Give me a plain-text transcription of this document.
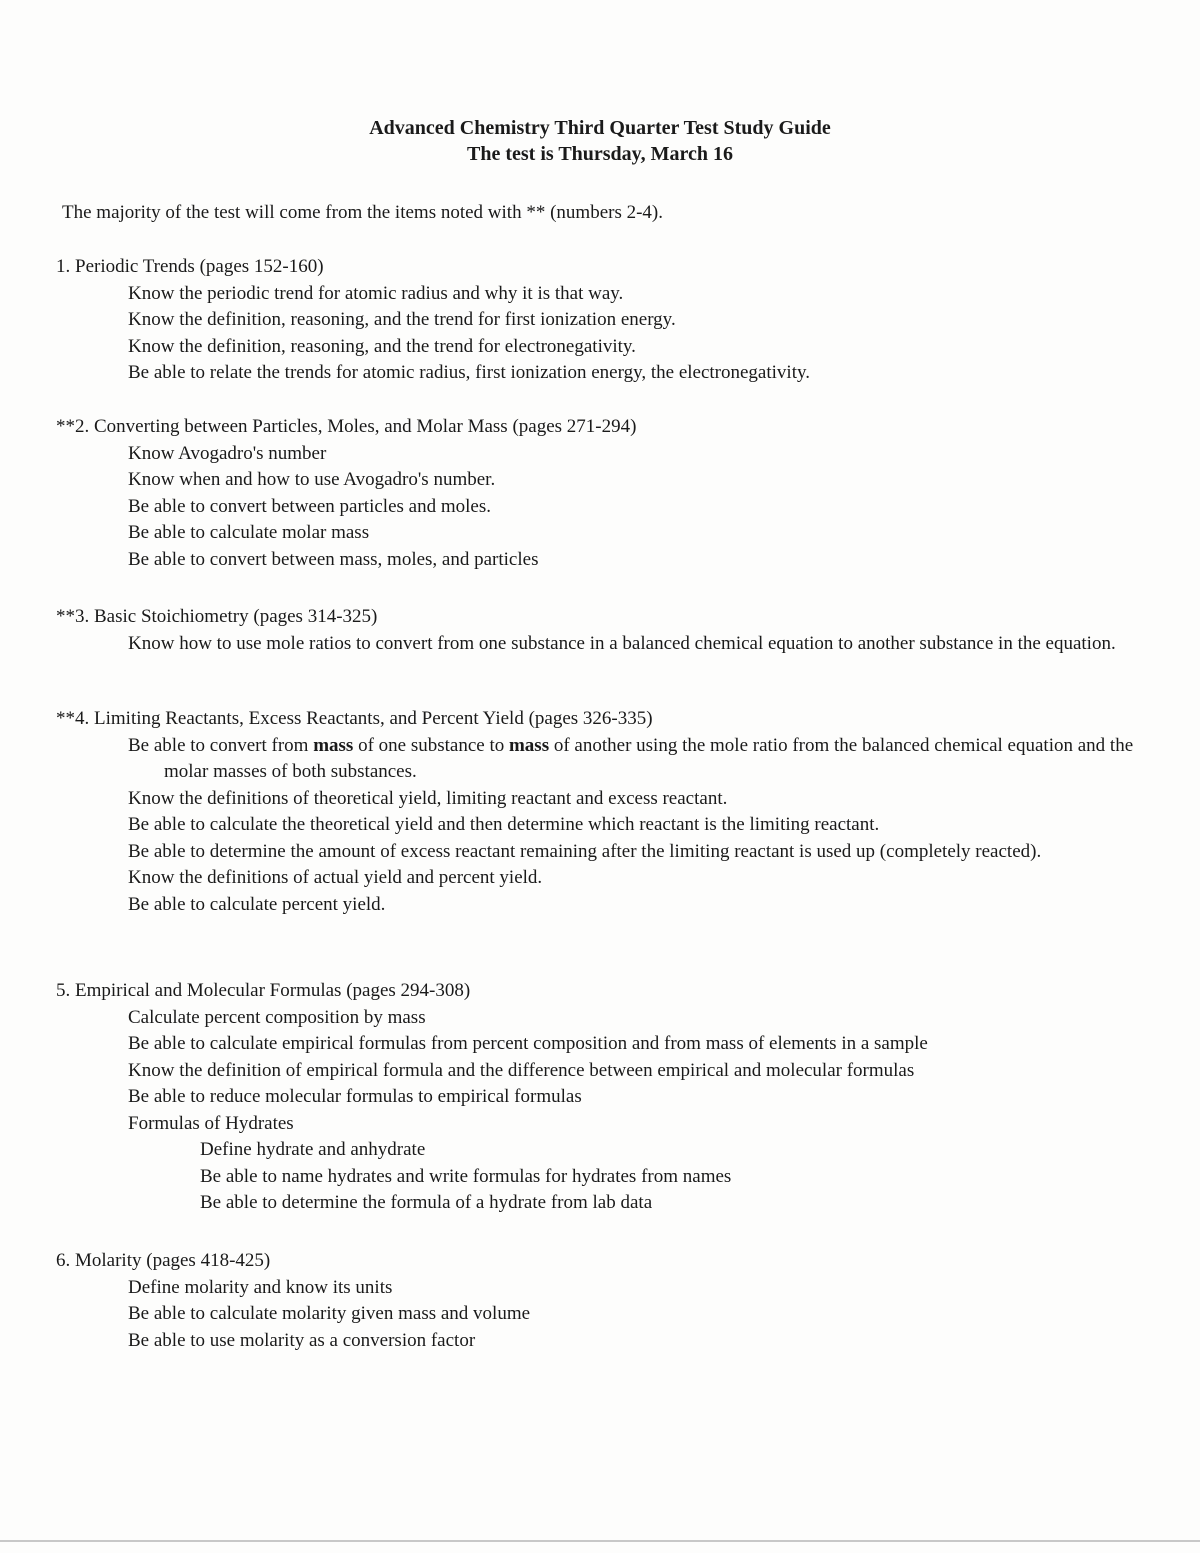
Advanced Chemistry Third Quarter Test Study Guide
The test is Thursday, March 16
The majority of the test will come from the items noted with ** (numbers 2-4).
1. Periodic Trends (pages 152-160)
Know the periodic trend for atomic radius and why it is that way.
Know the definition, reasoning, and the trend for first ionization energy.
Know the definition, reasoning, and the trend for electronegativity.
Be able to relate the trends for atomic radius, first ionization energy, the electronegativity.
**2. Converting between Particles, Moles, and Molar Mass (pages 271-294)
Know Avogadro's number
Know when and how to use Avogadro's number.
Be able to convert between particles and moles.
Be able to calculate molar mass
Be able to convert between mass, moles, and particles
**3. Basic Stoichiometry (pages 314-325)
Know how to use mole ratios to convert from one substance in a balanced chemical equation to another substance in the equation.
**4. Limiting Reactants, Excess Reactants, and Percent Yield (pages 326-335)
Be able to convert from mass of one substance to mass of another using the mole ratio from the balanced chemical equation and the molar masses of both substances.
Know the definitions of theoretical yield, limiting reactant and excess reactant.
Be able to calculate the theoretical yield and then determine which reactant is the limiting reactant.
Be able to determine the amount of excess reactant remaining after the limiting reactant is used up (completely reacted).
Know the definitions of actual yield and percent yield.
Be able to calculate percent yield.
5. Empirical and Molecular Formulas (pages 294-308)
Calculate percent composition by mass
Be able to calculate empirical formulas from percent composition and from mass of elements in a sample
Know the definition of empirical formula and the difference between empirical and molecular formulas
Be able to reduce molecular formulas to empirical formulas
Formulas of Hydrates
Define hydrate and anhydrate
Be able to name hydrates and write formulas for hydrates from names
Be able to determine the formula of a hydrate from lab data
6. Molarity (pages 418-425)
Define molarity and know its units
Be able to calculate molarity given mass and volume
Be able to use molarity as a conversion factor
